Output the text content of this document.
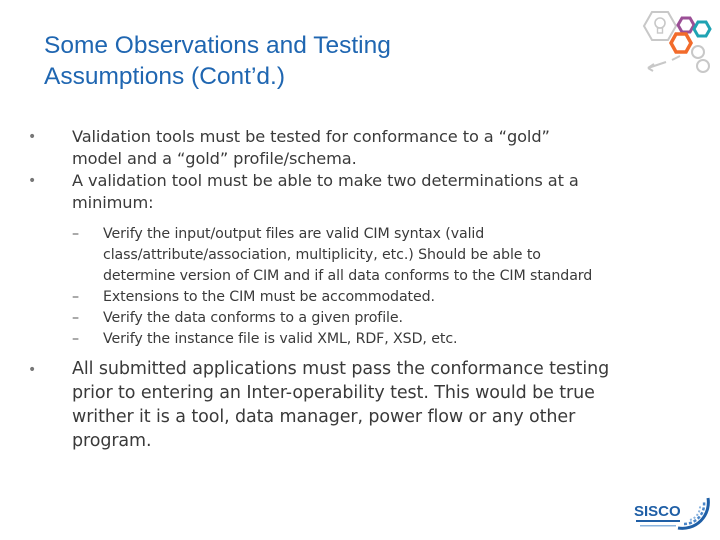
Some Observations and Testing
Assumptions (Cont’d.)
• Validation tools must be tested for conformance to a “gold”
model and a “gold” profile/schema.
• A validation tool must be able to make two determinations at a
minimum:
– Verify the input/output files are valid CIM syntax (valid
class/attribute/association, multiplicity, etc.) Should be able to
determine version of CIM and if all data conforms to the CIM standard
– Extensions to the CIM must be accommodated.
– Verify the data conforms to a given profile.
– Verify the instance file is valid XML, RDF, XSD, etc.
• All submitted applications must pass the conformance testing
prior to entering an Inter-operability test. This would be true
writher it is a tool, data manager, power flow or any other
program.
SISCO
